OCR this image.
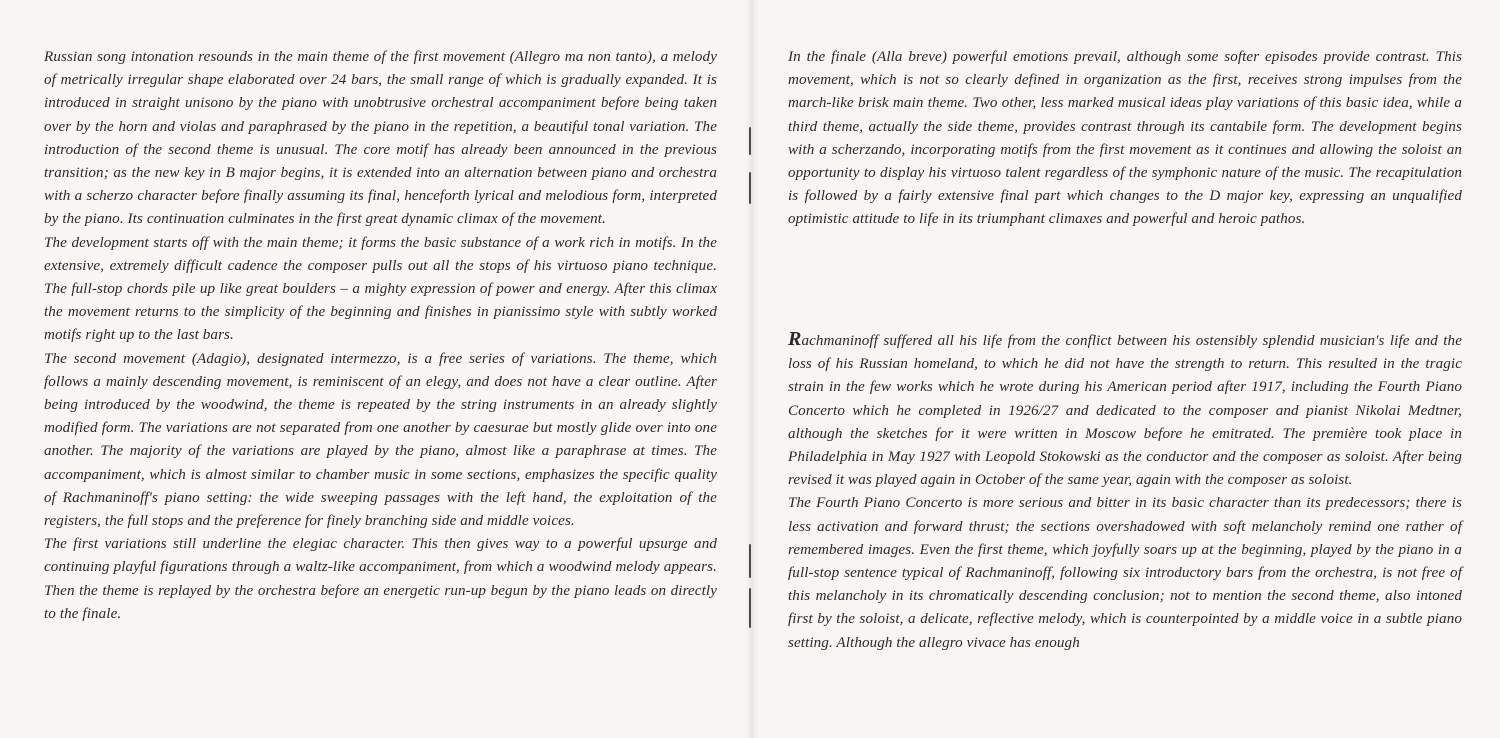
Russian song intonation resounds in the main theme of the first movement (Allegro ma non tanto), a melody of metrically irregular shape elaborated over 24 bars, the small range of which is gradually expanded. It is introduced in straight unisono by the piano with unobtrusive orchestral accompaniment before being taken over by the horn and violas and paraphrased by the piano in the repetition, a beautiful tonal variation. The introduction of the second theme is unusual. The core motif has already been announced in the previous transition; as the new key in B major begins, it is extended into an alternation between piano and orchestra with a scherzo character before finally assuming its final, henceforth lyrical and melodious form, interpreted by the piano. Its continuation culminates in the first great dynamic climax of the movement.

The development starts off with the main theme; it forms the basic substance of a work rich in motifs. In the extensive, extremely difficult cadence the composer pulls out all the stops of his virtuoso piano technique. The full-stop chords pile up like great boulders – a mighty expression of power and energy. After this climax the movement returns to the simplicity of the beginning and finishes in pianissimo style with subtly worked motifs right up to the last bars.

The second movement (Adagio), designated intermezzo, is a free series of variations. The theme, which follows a mainly descending movement, is reminiscent of an elegy, and does not have a clear outline. After being introduced by the woodwind, the theme is repeated by the string instruments in an already slightly modified form. The variations are not separated from one another by caesurae but mostly glide over into one another. The majority of the variations are played by the piano, almost like a paraphrase at times. The accompaniment, which is almost similar to chamber music in some sections, emphasizes the specific quality of Rachmaninoff's piano setting: the wide sweeping passages with the left hand, the exploitation of the registers, the full stops and the preference for finely branching side and middle voices.

The first variations still underline the elegiac character. This then gives way to a powerful upsurge and continuing playful figurations through a waltz-like accompaniment, from which a woodwind melody appears. Then the theme is replayed by the orchestra before an energetic run-up begun by the piano leads on directly to the finale.

In the finale (Alla breve) powerful emotions prevail, although some softer episodes provide contrast. This movement, which is not so clearly defined in organization as the first, receives strong impulses from the march-like brisk main theme. Two other, less marked musical ideas play variations of this basic idea, while a third theme, actually the side theme, provides contrast through its cantabile form. The development begins with a scherzando, incorporating motifs from the first movement as it continues and allowing the soloist an opportunity to display his virtuoso talent regardless of the symphonic nature of the music. The recapitulation is followed by a fairly extensive final part which changes to the D major key, expressing an unqualified optimistic attitude to life in its triumphant climaxes and powerful and heroic pathos.

Rachmaninoff suffered all his life from the conflict between his ostensibly splendid musician's life and the loss of his Russian homeland, to which he did not have the strength to return. This resulted in the tragic strain in the few works which he wrote during his American period after 1917, including the Fourth Piano Concerto which he completed in 1926/27 and dedicated to the composer and pianist Nikolai Medtner, although the sketches for it were written in Moscow before he emitrated. The première took place in Philadelphia in May 1927 with Leopold Stokowski as the conductor and the composer as soloist. After being revised it was played again in October of the same year, again with the composer as soloist.

The Fourth Piano Concerto is more serious and bitter in its basic character than its predecessors; there is less activation and forward thrust; the sections overshadowed with soft melancholy remind one rather of remembered images. Even the first theme, which joyfully soars up at the beginning, played by the piano in a full-stop sentence typical of Rachmaninoff, following six introductory bars from the orchestra, is not free of this melancholy in its chromatically descending conclusion; not to mention the second theme, also intoned first by the soloist, a delicate, reflective melody, which is counterpointed by a middle voice in a subtle piano setting. Although the allegro vivace has enough
